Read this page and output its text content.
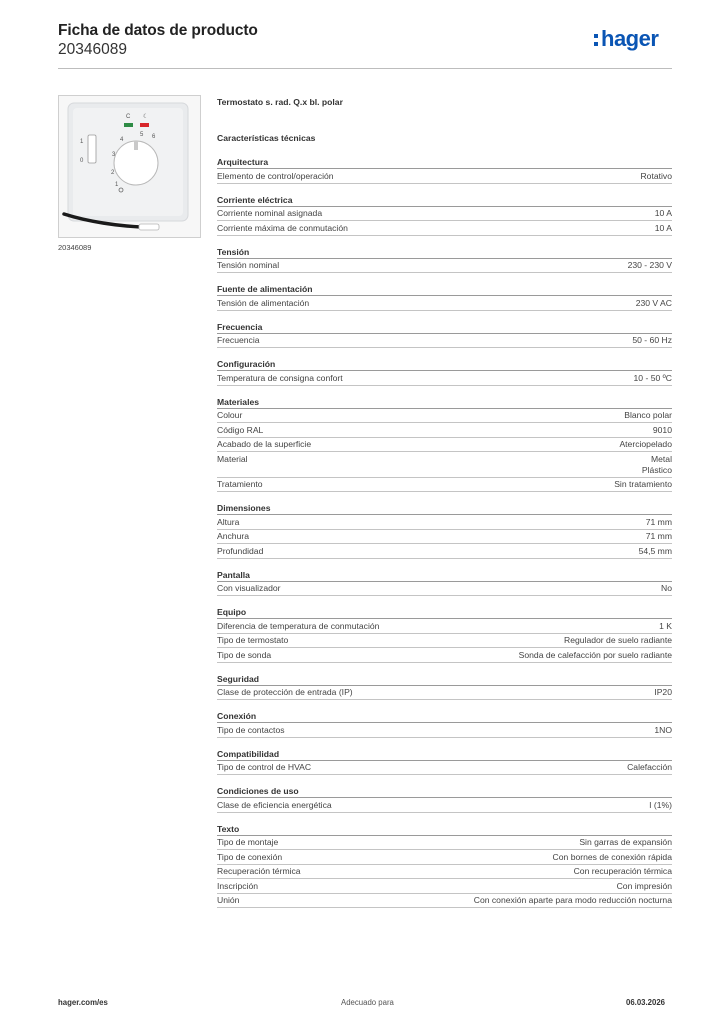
Ficha de datos de producto
20346089	hager
1
0
C ☾
6
5
4
3
2
1
20346089
Termostato s. rad. Q.x bl. polar
Características técnicas
Arquitectura
Elemento de control/operación	Rotativo
Corriente eléctrica
Corriente nominal asignada	10 A
Corriente máxima de conmutación	10 A
Tensión
Tensión nominal	230 - 230 V
Fuente de alimentación
Tensión de alimentación	230 V AC
Frecuencia
Frecuencia	50 - 60 Hz
Configuración
Temperatura de consigna confort	10 - 50 ºC
Materiales
Colour	Blanco polar
Código RAL	9010
Acabado de la superficie	Aterciopelado
Material	Metal
Plástico
Tratamiento	Sin tratamiento
Dimensiones
Altura	71 mm
Anchura	71 mm
Profundidad	54,5 mm
Pantalla
Con visualizador	No
Equipo
Diferencia de temperatura de conmutación	1 K
Tipo de termostato	Regulador de suelo radiante
Tipo de sonda	Sonda de calefacción por suelo radiante
Seguridad
Clase de protección de entrada (IP)	IP20
Conexión
Tipo de contactos	1NO
Compatibilidad
Tipo de control de HVAC	Calefacción
Condiciones de uso
Clase de eficiencia energética	I (1%)
Texto
Tipo de montaje	Sin garras de expansión
Tipo de conexión	Con bornes de conexión rápida
Recuperación térmica	Con recuperación térmica
Inscripción	Con impresión
Unión	Con conexión aparte para modo reducción nocturna
hager.com/es	Adecuado para	06.03.2026
